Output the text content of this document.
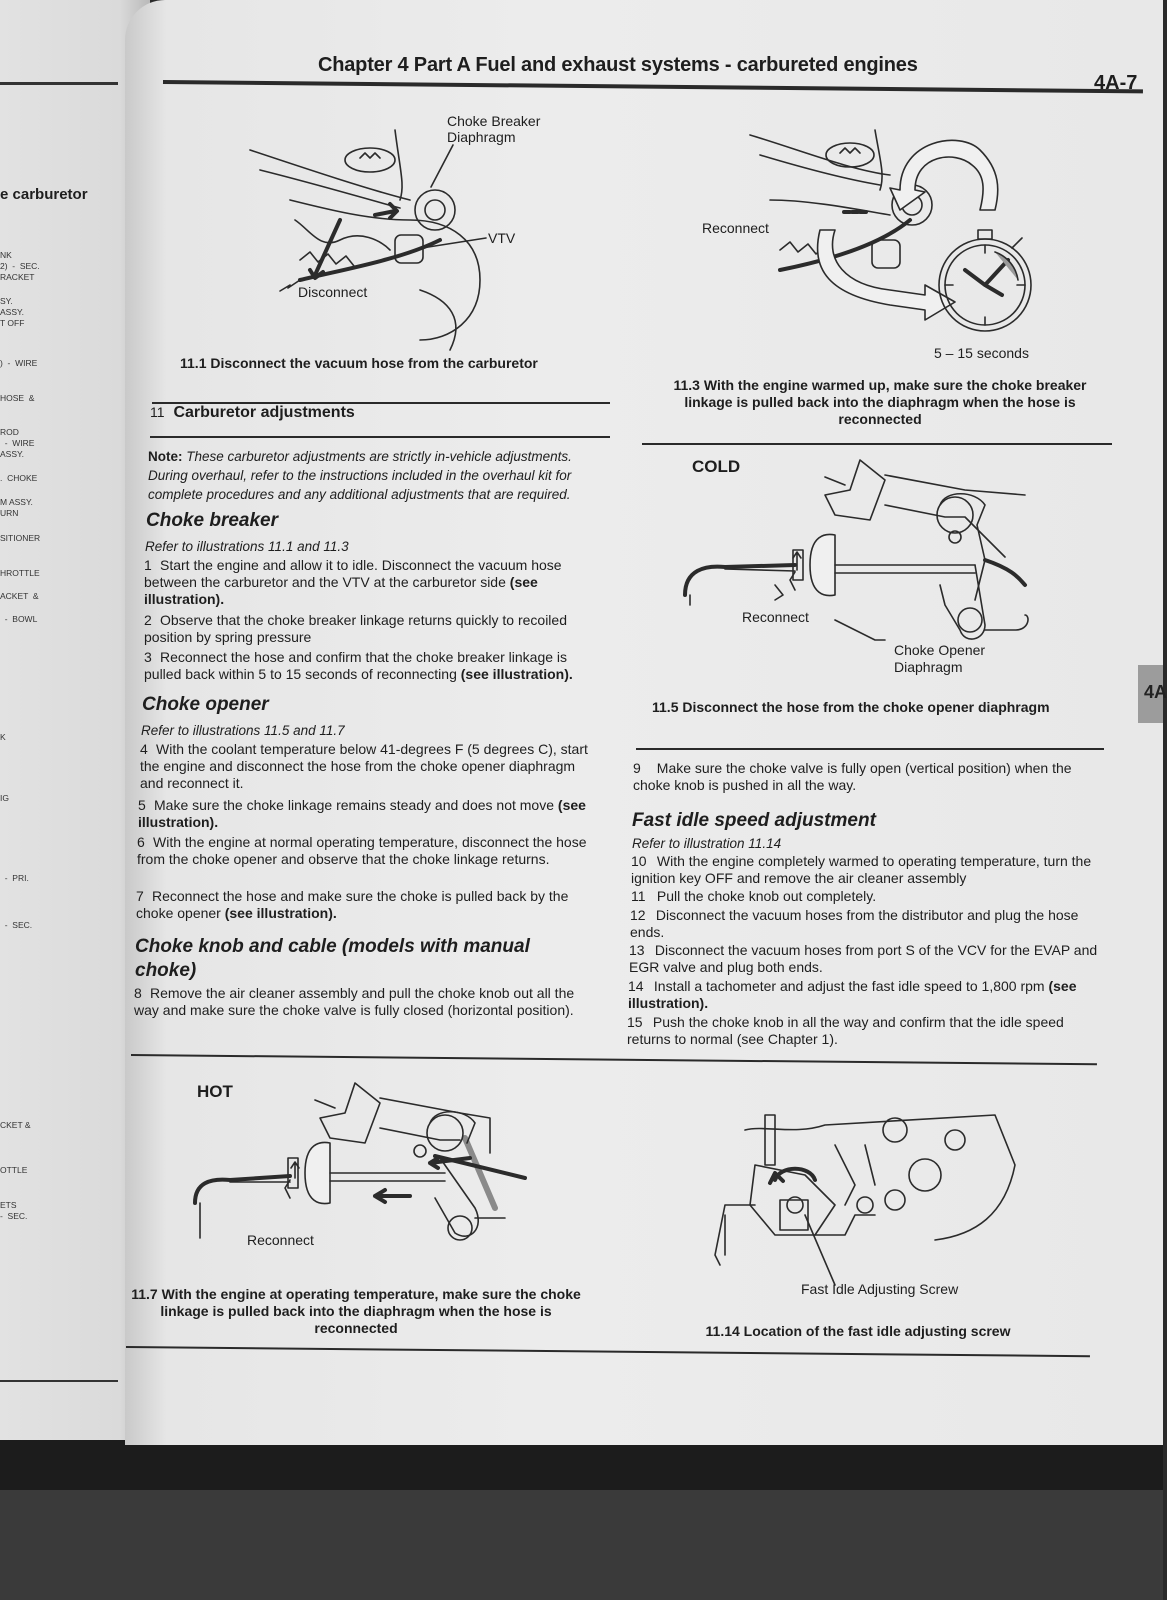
e carburetor
NK
2)  -  SEC.
RACKET
SY.
ASSY.
T OFF
)  -  WIRE
HOSE  &
ROD
-  WIRE
ASSY.
.  CHOKE
M ASSY.
URN
SITIONER
HROTTLE
ACKET  &
-  BOWL
K
IG
-  PRI.
-  SEC.
CKET &
OTTLE
ETS
-  SEC.
4A
Chapter 4 Part A Fuel and exhaust systems - carbureted engines
4A-7
Choke Breaker
Diaphragm
VTV
Disconnect
11.1 Disconnect the vacuum hose from the carburetor
Reconnect
5 – 15 seconds
11.3 With the engine warmed up, make sure the choke breaker linkage is pulled back into the diaphragm when the hose is reconnected
11 Carburetor adjustments
Note: These carburetor adjustments are strictly in-vehicle adjustments. During overhaul, refer to the instructions included in the overhaul kit for complete procedures and any additional adjustments that are required.
Choke breaker
Refer to illustrations 11.1 and 11.3
1 Start the engine and allow it to idle. Disconnect the vacuum hose between the carburetor and the VTV at the carburetor side (see illustration).
2 Observe that the choke breaker linkage returns quickly to recoiled position by spring pressure
3 Reconnect the hose and confirm that the choke breaker linkage is pulled back within 5 to 15 seconds of reconnecting (see illustration).
Choke opener
Refer to illustrations 11.5 and 11.7
4 With the coolant temperature below 41-degrees F (5 degrees C), start the engine and disconnect the hose from the choke opener diaphragm and reconnect it.
5 Make sure the choke linkage remains steady and does not move (see illustration).
6 With the engine at normal operating temperature, disconnect the hose from the choke opener and observe that the choke linkage returns.
7 Reconnect the hose and make sure the choke is pulled back by the choke opener (see illustration).
Choke knob and cable (models with manual choke)
8 Remove the air cleaner assembly and pull the choke knob out all the way and make sure the choke valve is fully closed (horizontal position).
COLD
Reconnect
Choke Opener
Diaphragm
11.5 Disconnect the hose from the choke opener diaphragm
9 Make sure the choke valve is fully open (vertical position) when the choke knob is pushed in all the way.
Fast idle speed adjustment
Refer to illustration 11.14
10 With the engine completely warmed to operating temperature, turn the ignition key OFF and remove the air cleaner assembly
11 Pull the choke knob out completely.
12 Disconnect the vacuum hoses from the distributor and plug the hose ends.
13 Disconnect the vacuum hoses from port S of the VCV for the EVAP and EGR valve and plug both ends.
14 Install a tachometer and adjust the fast idle speed to 1,800 rpm (see illustration).
15 Push the choke knob in all the way and confirm that the idle speed returns to normal (see Chapter 1).
HOT
Reconnect
11.7 With the engine at operating temperature, make sure the choke linkage is pulled back into the diaphragm when the hose is reconnected
Fast Idle Adjusting Screw
11.14 Location of the fast idle adjusting screw
